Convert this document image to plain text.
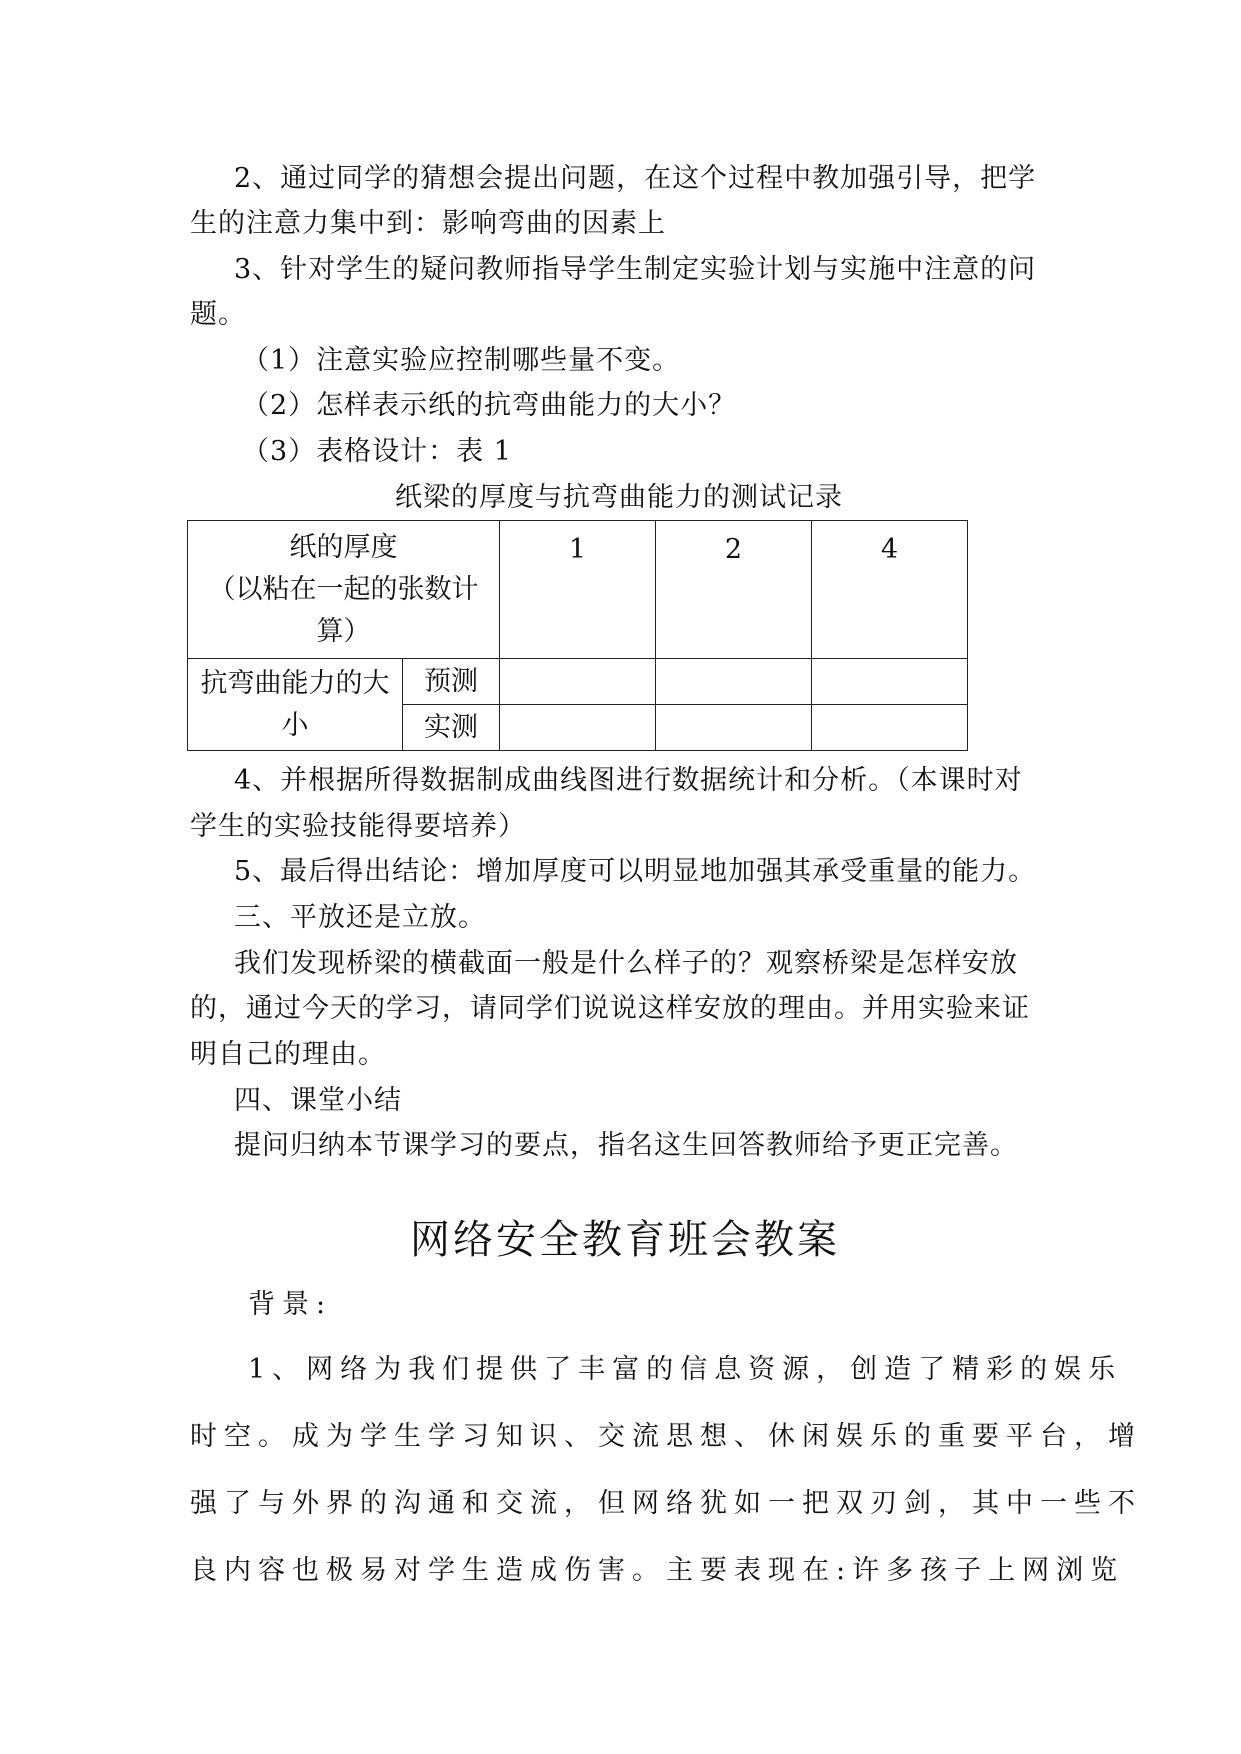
2、通过同学的猜想会提出问题，在这个过程中教加强引导，把学
生的注意力集中到：影响弯曲的因素上
3、针对学生的疑问教师指导学生制定实验计划与实施中注意的问
题。
（1）注意实验应控制哪些量不变。
（2）怎样表示纸的抗弯曲能力的大小？
（3）表格设计：表 1
纸梁的厚度与抗弯曲能力的测试记录
纸的厚度
（以粘在一起的张数计
算）		1	2	4

抗弯曲能力的大
小	预测			
	实测			
4、并根据所得数据制成曲线图进行数据统计和分析。（本课时对
学生的实验技能得要培养）
5、最后得出结论：增加厚度可以明显地加强其承受重量的能力。
三、平放还是立放。
我们发现桥梁的横截面一般是什么样子的？观察桥梁是怎样安放
的，通过今天的学习，请同学们说说这样安放的理由。并用实验来证
明自己的理由。
四、课堂小结
提问归纳本节课学习的要点，指名这生回答教师给予更正完善。
网络安全教育班会教案
背景:
1、网络为我们提供了丰富的信息资源，创造了精彩的娱乐
时空。成为学生学习知识、交流思想、休闲娱乐的重要平台，增
强了与外界的沟通和交流，但网络犹如一把双刃剑，其中一些不
良内容也极易对学生造成伤害。主要表现在:许多孩子上网浏览
